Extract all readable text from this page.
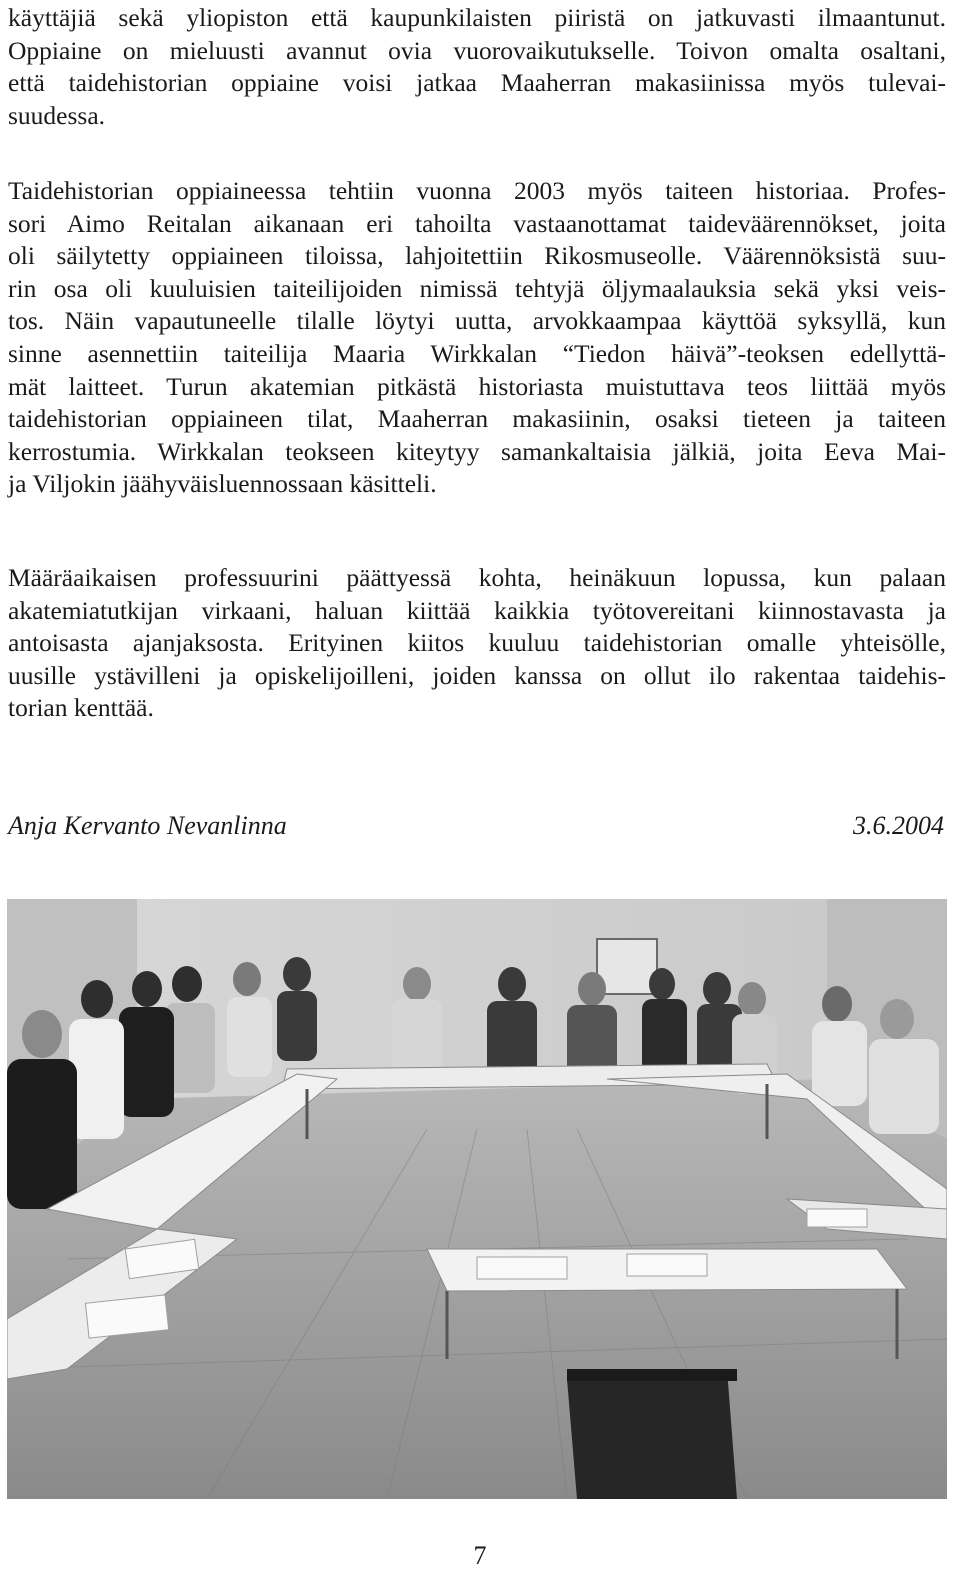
käyttäjiä sekä yliopiston että kaupunkilaisten piiristä on jatkuvasti ilmaantunut.
Oppiaine on mieluusti avannut ovia vuorovaikutukselle. Toivon omalta osaltani,
että taidehistorian oppiaine voisi jatkaa Maaherran makasiinissa myös tulevai-
suudessa.
Taidehistorian oppiaineessa tehtiin vuonna 2003 myös taiteen historiaa. Profes-
sori Aimo Reitalan aikanaan eri tahoilta vastaanottamat taideväärennökset, joita
oli säilytetty oppiaineen tiloissa, lahjoitettiin Rikosmuseolle. Väärennöksistä suu-
rin osa oli kuuluisien taiteilijoiden nimissä tehtyjä öljymaalauksia sekä yksi veis-
tos. Näin vapautuneelle tilalle löytyi uutta, arvokkaampaa käyttöä syksyllä, kun
sinne asennettiin taiteilija Maaria Wirkkalan “Tiedon häivä”-teoksen edellyttä-
mät laitteet. Turun akatemian pitkästä historiasta muistuttava teos liittää myös
taidehistorian oppiaineen tilat, Maaherran makasiinin, osaksi tieteen ja taiteen
kerrostumia. Wirkkalan teokseen kiteytyy samankaltaisia jälkiä, joita Eeva Mai-
ja Viljokin jäähyväisluennossaan käsitteli.
Määräaikaisen professuurini päättyessä kohta, heinäkuun lopussa, kun palaan
akatemiatutkijan virkaani, haluan kiittää kaikkia työtovereitani kiinnostavasta ja
antoisasta ajanjaksosta. Erityinen kiitos kuuluu taidehistorian omalle yhteisölle,
uusille ystävilleni ja opiskelijoilleni, joiden kanssa on ollut ilo rakentaa taidehis-
torian kenttää.
Anja Kervanto Nevanlinna	3.6.2004
7
